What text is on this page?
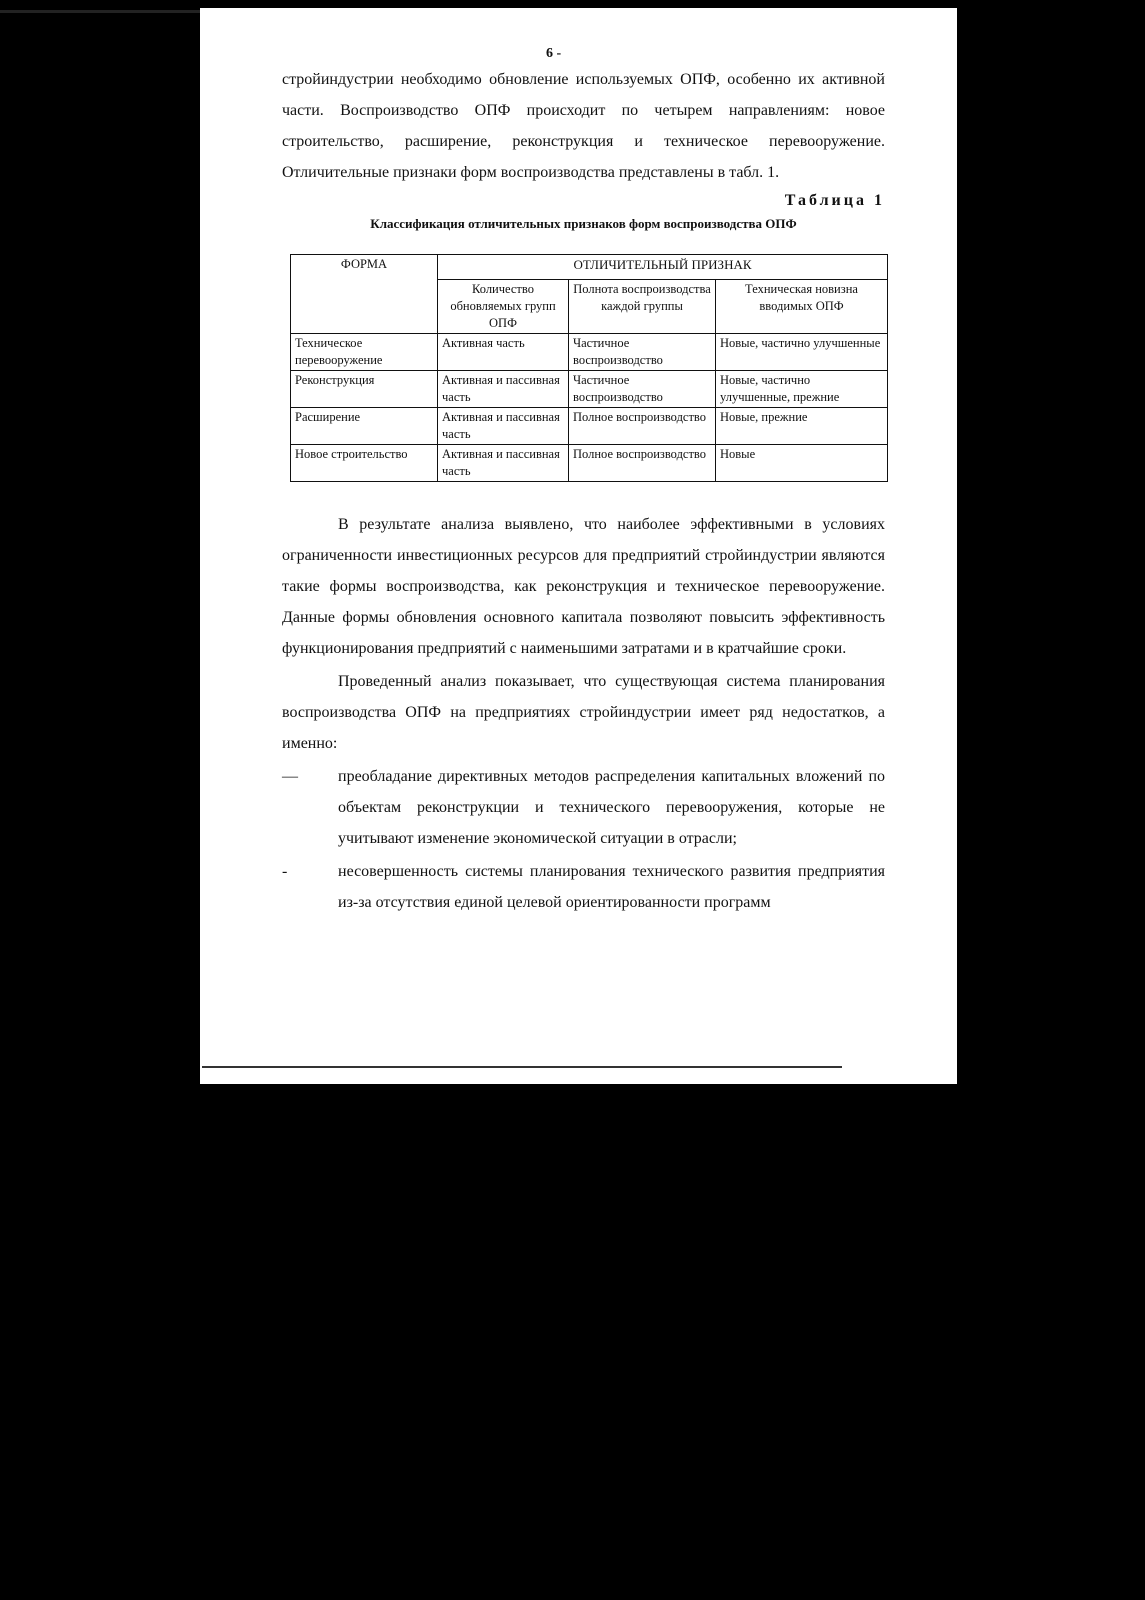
6 -

стройиндустрии необходимо обновление используемых ОПФ, особенно их активной части. Воспроизводство ОПФ происходит по четырем направлениям: новое строительство, расширение, реконструкция и техническое перевооружение. Отличительные признаки форм воспроизводства представлены в табл. 1.

Таблица 1
Классификация отличительных признаков форм воспроизводства ОПФ
ФОРМА	ОТЛИЧИТЕЛЬНЫЙ ПРИЗНАК		
	Количество обновляемых групп ОПФ	Полнота воспроизводства каждой группы	Техническая новизна вводимых ОПФ
Техническое перевооружение	Активная часть	Частичное воспроизводство	Новые, частично улучшенные
Реконструкция	Активная и пассивная часть	Частичное воспроизводство	Новые, частично улучшенные, прежние
Расширение	Активная и пассивная часть	Полное воспроизводство	Новые, прежние
Новое строительство	Активная и пассивная часть	Полное воспроизводство	Новые

В результате анализа выявлено, что наиболее эффективными в условиях ограниченности инвестиционных ресурсов для предприятий стройиндустрии являются такие формы воспроизводства, как реконструкция и техническое перевооружение. Данные формы обновления основного капитала позволяют повысить эффективность функционирования предприятий с наименьшими затратами и в кратчайшие сроки.

Проведенный анализ показывает, что существующая система планирования воспроизводства ОПФ на предприятиях стройиндустрии имеет ряд недостатков, а именно:

—	преобладание директивных методов распределения капитальных вложений по объектам реконструкции и технического перевооружения, которые не учитывают изменение экономической ситуации в отрасли;
-	несовершенность системы планирования технического развития предприятия из-за отсутствия единой целевой ориентированности программ
